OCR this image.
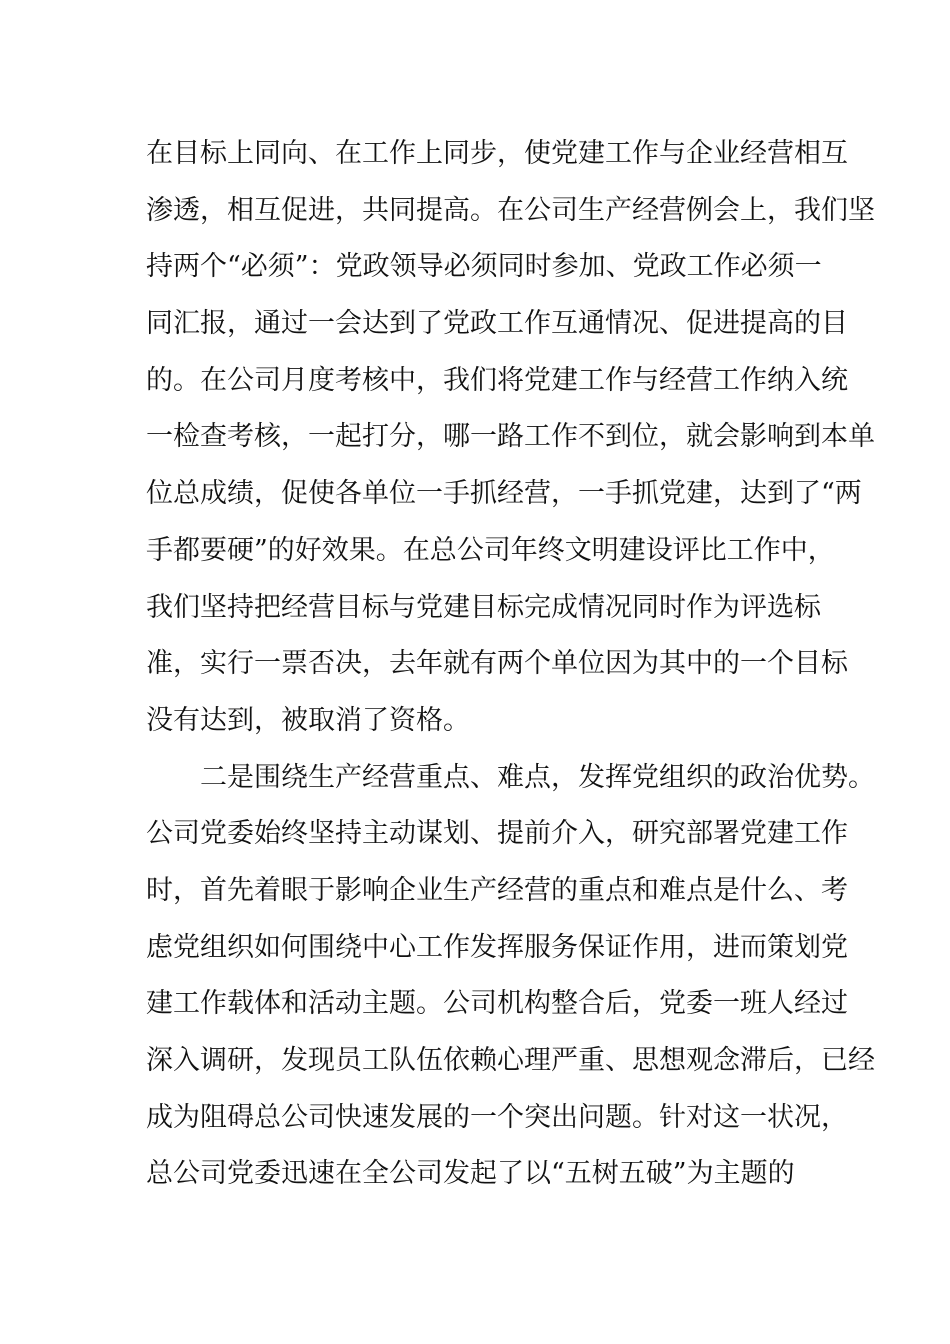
在目标上同向、在工作上同步，使党建工作与企业经营相互
渗透，相互促进，共同提高。在公司生产经营例会上，我们坚
持两个“必须”：党政领导必须同时参加、党政工作必须一
同汇报，通过一会达到了党政工作互通情况、促进提高的目
的。在公司月度考核中，我们将党建工作与经营工作纳入统
一检查考核，一起打分，哪一路工作不到位，就会影响到本单
位总成绩，促使各单位一手抓经营，一手抓党建，达到了“两
手都要硬”的好效果。在总公司年终文明建设评比工作中，
我们坚持把经营目标与党建目标完成情况同时作为评选标
准，实行一票否决，去年就有两个单位因为其中的一个目标
没有达到，被取消了资格。
二是围绕生产经营重点、难点，发挥党组织的政治优势。
公司党委始终坚持主动谋划、提前介入，研究部署党建工作
时，首先着眼于影响企业生产经营的重点和难点是什么、考
虑党组织如何围绕中心工作发挥服务保证作用，进而策划党
建工作载体和活动主题。公司机构整合后，党委一班人经过
深入调研，发现员工队伍依赖心理严重、思想观念滞后，已经
成为阻碍总公司快速发展的一个突出问题。针对这一状况，
总公司党委迅速在全公司发起了以“五树五破”为主题的
